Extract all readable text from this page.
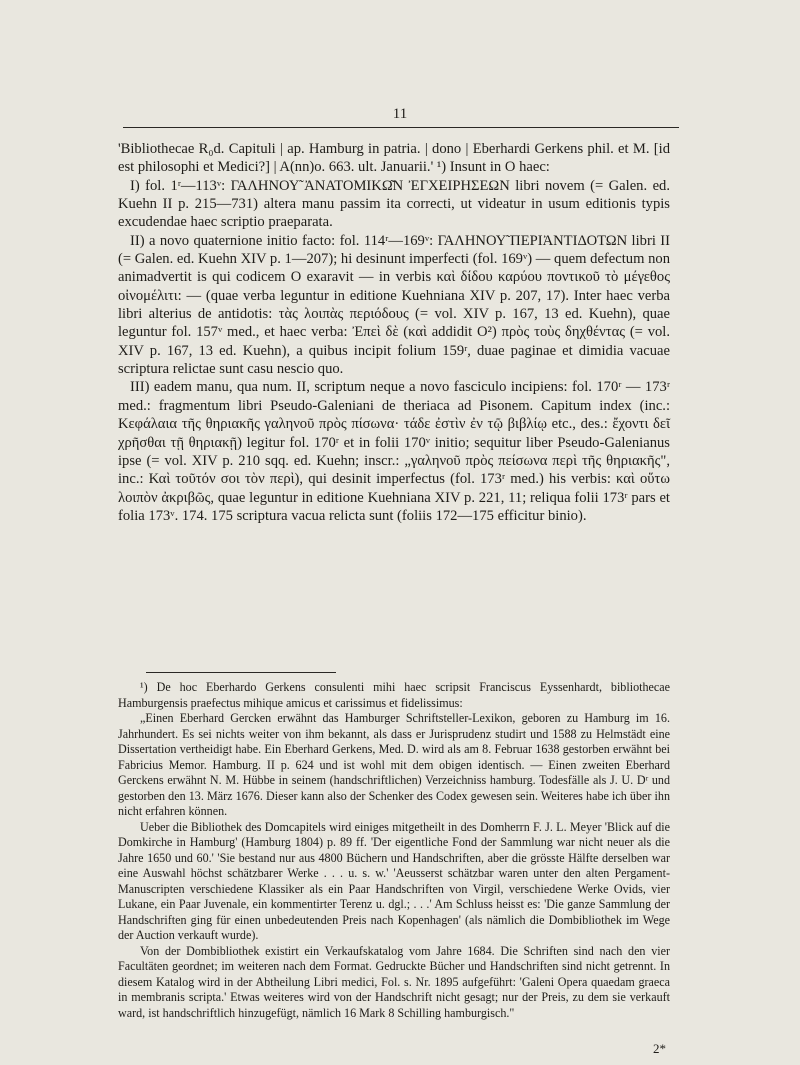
11

'Bibliothecae R₀d. Capituli | ap. Hamburg in patria. | dono | Eberhardi Gerkens phil. et M. [id est philosophi et Medici?] | A(nn)o. 663. ult. Januarii.' ¹) Insunt in O haec:

I) fol. 1ʳ—113ᵛ: ΓΑΛΗΝΟΥ̃ ἈΝΑΤΟΜΙΚΩ͂Ν ἘΓΧΕΙΡΗΣΕΩΝ libri novem (= Galen. ed. Kuehn II p. 215—731) altera manu passim ita correcti, ut videatur in usum editionis typis excudendae haec scriptio praeparata.

II) a novo quaternione initio facto: fol. 114ʳ—169ᵛ: ΓΑΛΗΝΟΥ̃ ΠΕΡΙἈΝΤΙΔΟΤΩΝ libri II (= Galen. ed. Kuehn XIV p. 1—207); hi desinunt imperfecti (fol. 169ᵛ) — quem defectum non animadvertit is qui codicem O exaravit — in verbis καὶ δίδου καρύου ποντικοῦ τὸ μέγεθος οἰνομέλιτι: — (quae verba leguntur in editione Kuehniana XIV p. 207, 17). Inter haec verba libri alterius de antidotis: τὰς λοιπὰς περιόδους (= vol. XIV p. 167, 13 ed. Kuehn), quae leguntur fol. 157ᵛ med., et haec verba: Ἐπεὶ δὲ (καὶ addidit O²) πρὸς τοὺς δηχθέντας (= vol. XIV p. 167, 13 ed. Kuehn), a quibus incipit folium 159ʳ, duae paginae et dimidia vacuae scriptura relictae sunt casu nescio quo.

III) eadem manu, qua num. II, scriptum neque a novo fasciculo incipiens: fol. 170ʳ — 173ʳ med.: fragmentum libri Pseudo-Galeniani de theriaca ad Pisonem. Capitum index (inc.: Κεφάλαια τῆς θηριακῆς γαληνοῦ πρὸς πίσωνα· τάδε ἐστὶν ἐν τῷ βιβλίῳ etc., des.: ἔχοντι δεῖ χρῆσθαι τῇ θηριακῇ) legitur fol. 170ʳ et in folii 170ᵛ initio; sequitur liber Pseudo-Galenianus ipse (= vol. XIV p. 210 sqq. ed. Kuehn; inscr.: „γαληνοῦ πρὸς πείσωνα περὶ τῆς θηριακῆς", inc.: Καὶ τοῦτόν σοι τὸν περὶ), qui desinit imperfectus (fol. 173ʳ med.) his verbis: καὶ οὕτω λοιπὸν ἀκριβῶς, quae leguntur in editione Kuehniana XIV p. 221, 11; reliqua folii 173ʳ pars et folia 173ᵛ. 174. 175 scriptura vacua relicta sunt (foliis 172—175 efficitur binio).

¹) De hoc Eberhardo Gerkens consulenti mihi haec scripsit Franciscus Eyssenhardt, bibliothecae Hamburgensis praefectus mihique amicus et carissimus et fidelissimus:

„Einen Eberhard Gercken erwähnt das Hamburger Schriftsteller-Lexikon, geboren zu Hamburg im 16. Jahrhundert. Es sei nichts weiter von ihm bekannt, als dass er Jurisprudenz studirt und 1588 zu Helmstädt eine Dissertation vertheidigt habe. Ein Eberhard Gerkens, Med. D. wird als am 8. Februar 1638 gestorben erwähnt bei Fabricius Memor. Hamburg. II p. 624 und ist wohl mit dem obigen identisch. — Einen zweiten Eberhard Gerckens erwähnt N. M. Hübbe in seinem (handschriftlichen) Verzeichniss hamburg. Todesfälle als J. U. Dʳ und gestorben den 13. März 1676. Dieser kann also der Schenker des Codex gewesen sein. Weiteres habe ich über ihn nicht erfahren können.

Ueber die Bibliothek des Domcapitels wird einiges mitgetheilt in des Domherrn F. J. L. Meyer 'Blick auf die Domkirche in Hamburg' (Hamburg 1804) p. 89 ff. 'Der eigentliche Fond der Sammlung war nicht neuer als die Jahre 1650 und 60.' 'Sie bestand nur aus 4800 Büchern und Handschriften, aber die grösste Hälfte derselben war eine Auswahl höchst schätzbarer Werke . . . u. s. w.' 'Aeusserst schätzbar waren unter den alten Pergament-Manuscripten verschiedene Klassiker als ein Paar Handschriften von Virgil, verschiedene Werke Ovids, vier Lukane, ein Paar Juvenale, ein kommentirter Terenz u. dgl.; . . .' Am Schluss heisst es: 'Die ganze Sammlung der Handschriften ging für einen unbedeutenden Preis nach Kopenhagen' (als nämlich die Dombibliothek im Wege der Auction verkauft wurde).

Von der Dombibliothek existirt ein Verkaufskatalog vom Jahre 1684. Die Schriften sind nach den vier Facultäten geordnet; im weiteren nach dem Format. Gedruckte Bücher und Handschriften sind nicht getrennt. In diesem Katalog wird in der Abtheilung Libri medici, Fol. s. Nr. 1895 aufgeführt: 'Galeni Opera quaedam graeca in membranis scripta.' Etwas weiteres wird von der Handschrift nicht gesagt; nur der Preis, zu dem sie verkauft ward, ist handschriftlich hinzugefügt, nämlich 16 Mark 8 Schilling hamburgisch."

2*
